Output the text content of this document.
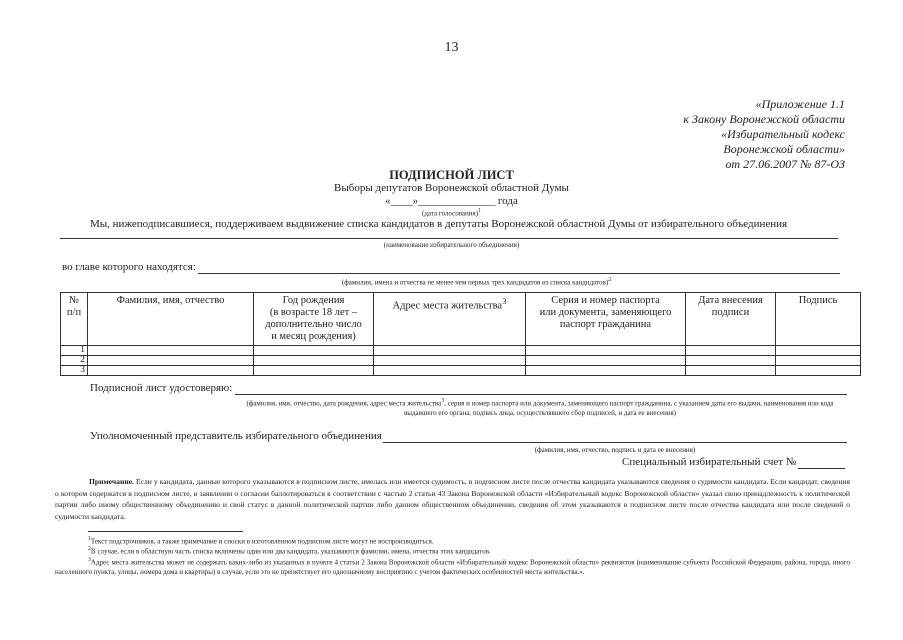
13
«Приложение 1.1
к Закону Воронежской области
«Избирательный кодекс
Воронежской области»
от 27.06.2007 № 87-ОЗ
ПОДПИСНОЙ ЛИСТ
Выборы депутатов Воронежской областной Думы
«____»______________ года
(дата голосования)$^1$
Мы, нижеподписавшиеся, поддерживаем выдвижение списка кандидатов в депутаты Воронежской областной Думы от избирательного объединения
(наименование избирательного объединения)
во главе которого находятся:
(фамилии, имена и отчества не менее чем первых трех кандидатов из списка кандидатов)$^2$
№
п/п	Фамилия, имя, отчество	Год рождения
(в возрасте 18 лет –
дополнительно число
и месяц рождения)	Адрес места жительства$^3$	Серия и номер паспорта
или документа, заменяющего
паспорт гражданина	Дата внесения
подписи	Подпись
1						
2						
3						
Подписной лист удостоверяю:
(фамилия, имя, отчество, дата рождения, адрес места жительства$^3$, серия и номер паспорта или документа, заменяющего паспорт гражданина, с указанием даты его выдачи, наименования или кода выдавшего его органа, подпись лица, осуществлявшего сбор подписей, и дата ее внесения)
Уполномоченный представитель избирательного объединения
(фамилия, имя, отчество, подпись и дата ее внесения)
Специальный избирательный счет №
Примечание. Если у кандидата, данные которого указываются в подписном листе, имелась или имеется судимость, в подписном листе после отчества кандидата указываются сведения о судимости кандидата. Если кандидат, сведения о котором содержатся в подписном листе, в заявлении о согласии баллотироваться в соответствии с частью 2 статьи 43 Закона Воронежской области «Избирательный кодекс Воронежской области» указал свою принадлежность к политической партии либо иному общественному объединению и свой статус в данной политической партии либо данном общественном объединении, сведения об этом указываются в подписном листе после отчества кандидата или после сведений о судимости кандидата.
$^1$Текст подстрочников, а также примечание и сноски в изготовленном подписном листе могут не воспроизводиться.
$^2$В случае, если в областную часть списка включены один или два кандидата, указываются фамилии, имена, отчества этих кандидатов.
$^3$Адрес места жительства может не содержать каких-либо из указанных в пункте 4 статьи 2 Закона Воронежской области «Избирательный кодекс Воронежской области» реквизитов (наименование субъекта Российской Федерации, района, города, иного населенного пункта, улицы, номера дома и квартиры) в случае, если это не препятствует его однозначному восприятию с учетом фактических особенностей места жительства.».
